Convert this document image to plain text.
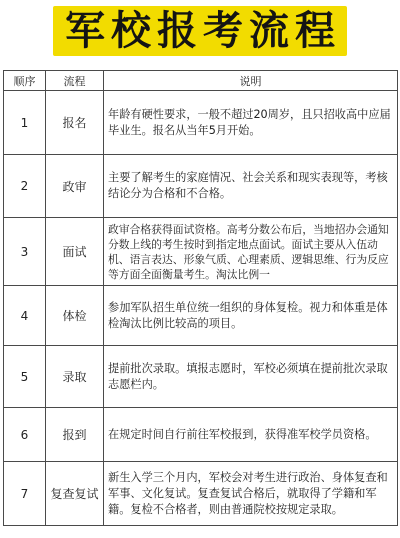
军校报考流程
顺序	流程	说明
1	报名	年龄有硬性要求，一般不超过20周岁，且只招收高中应届毕业生。报名从当年5月开始。
2	政审	主要了解考生的家庭情况、社会关系和现实表现等，考核结论分为合格和不合格。
3	面试	政审合格获得面试资格。高考分数公布后，当地招办会通知分数上线的考生按时到指定地点面试。面试主要从入伍动机、语言表达、形象气质、心理素质、逻辑思维、行为反应等方面全面衡量考生。淘汰比例一
4	体检	参加军队招生单位统一组织的身体复检。视力和体重是体检淘汰比例比较高的项目。
5	录取	提前批次录取。填报志愿时，军校必须填在提前批次录取志愿栏内。
6	报到	在规定时间自行前往军校报到，获得准军校学员资格。
7	复查复试	新生入学三个月内，军校会对考生进行政治、身体复查和军事、文化复试。复查复试合格后，就取得了学籍和军籍。复检不合格者，则由普通院校按规定录取。
